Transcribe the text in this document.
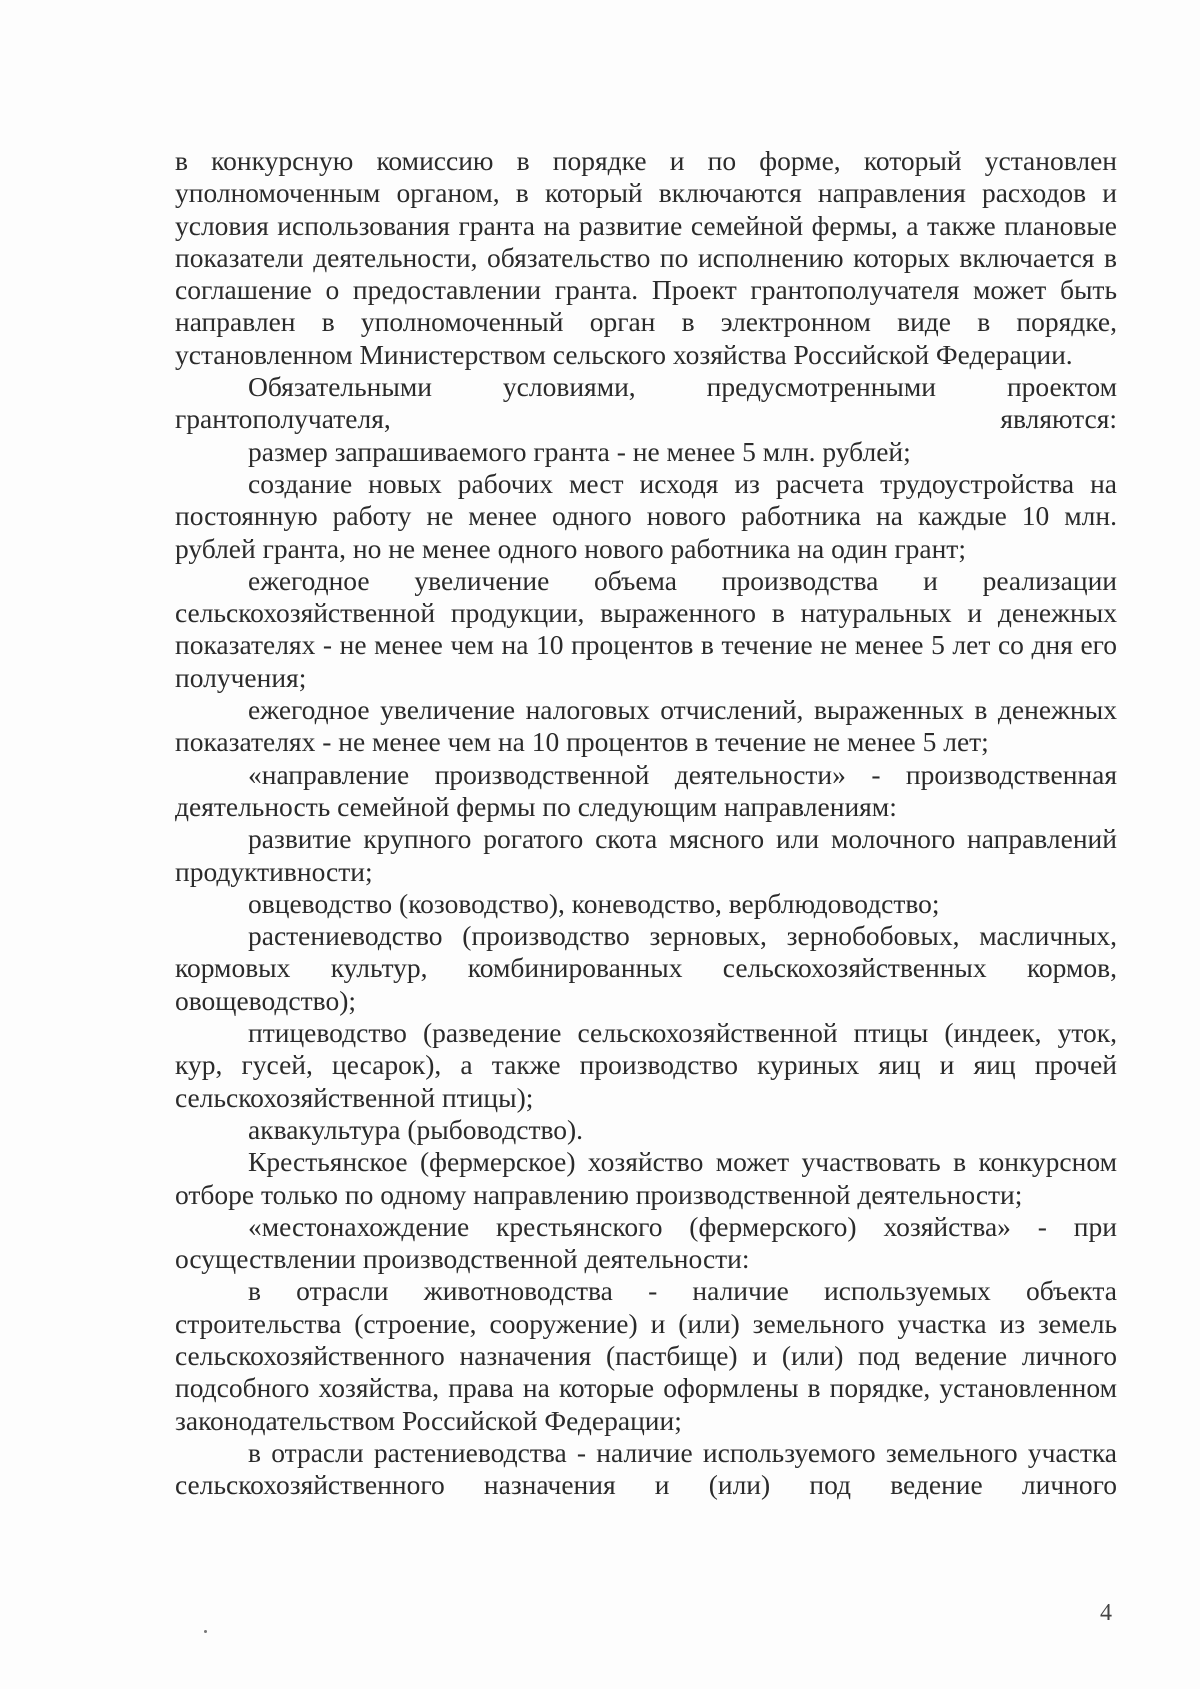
в конкурсную комиссию в порядке и по форме, который установлен уполномоченным органом, в который включаются направления расходов и условия использования гранта на развитие семейной фермы, а также плановые показатели деятельности, обязательство по исполнению которых включается в соглашение о предоставлении гранта. Проект грантополучателя может быть направлен в уполномоченный орган в электронном виде в порядке, установленном Министерством сельского хозяйства Российской Федерации.

Обязательными условиями, предусмотренными проектом грантополучателя, являются:

размер запрашиваемого гранта - не менее 5 млн. рублей;

создание новых рабочих мест исходя из расчета трудоустройства на постоянную работу не менее одного нового работника на каждые 10 млн. рублей гранта, но не менее одного нового работника на один грант;

ежегодное увеличение объема производства и реализации сельскохозяйственной продукции, выраженного в натуральных и денежных показателях - не менее чем на 10 процентов в течение не менее 5 лет со дня его получения;

ежегодное увеличение налоговых отчислений, выраженных в денежных показателях - не менее чем на 10 процентов в течение не менее 5 лет;

«направление производственной деятельности» - производственная деятельность семейной фермы по следующим направлениям:

развитие крупного рогатого скота мясного или молочного направлений продуктивности;

овцеводство (козоводство), коневодство, верблюдоводство;

растениеводство (производство зерновых, зернобобовых, масличных, кормовых культур, комбинированных сельскохозяйственных кормов, овощеводство);

птицеводство (разведение сельскохозяйственной птицы (индеек, уток, кур, гусей, цесарок), а также производство куриных яиц и яиц прочей сельскохозяйственной птицы);

аквакультура (рыбоводство).

Крестьянское (фермерское) хозяйство может участвовать в конкурсном отборе только по одному направлению производственной деятельности;

«местонахождение крестьянского (фермерского) хозяйства» - при осуществлении производственной деятельности:

в отрасли животноводства - наличие используемых объекта строительства (строение, сооружение) и (или) земельного участка из земель сельскохозяйственного назначения (пастбище) и (или) под ведение личного подсобного хозяйства, права на которые оформлены в порядке, установленном законодательством Российской Федерации;

в отрасли растениеводства - наличие используемого земельного участка сельскохозяйственного назначения и (или) под ведение личного

4
